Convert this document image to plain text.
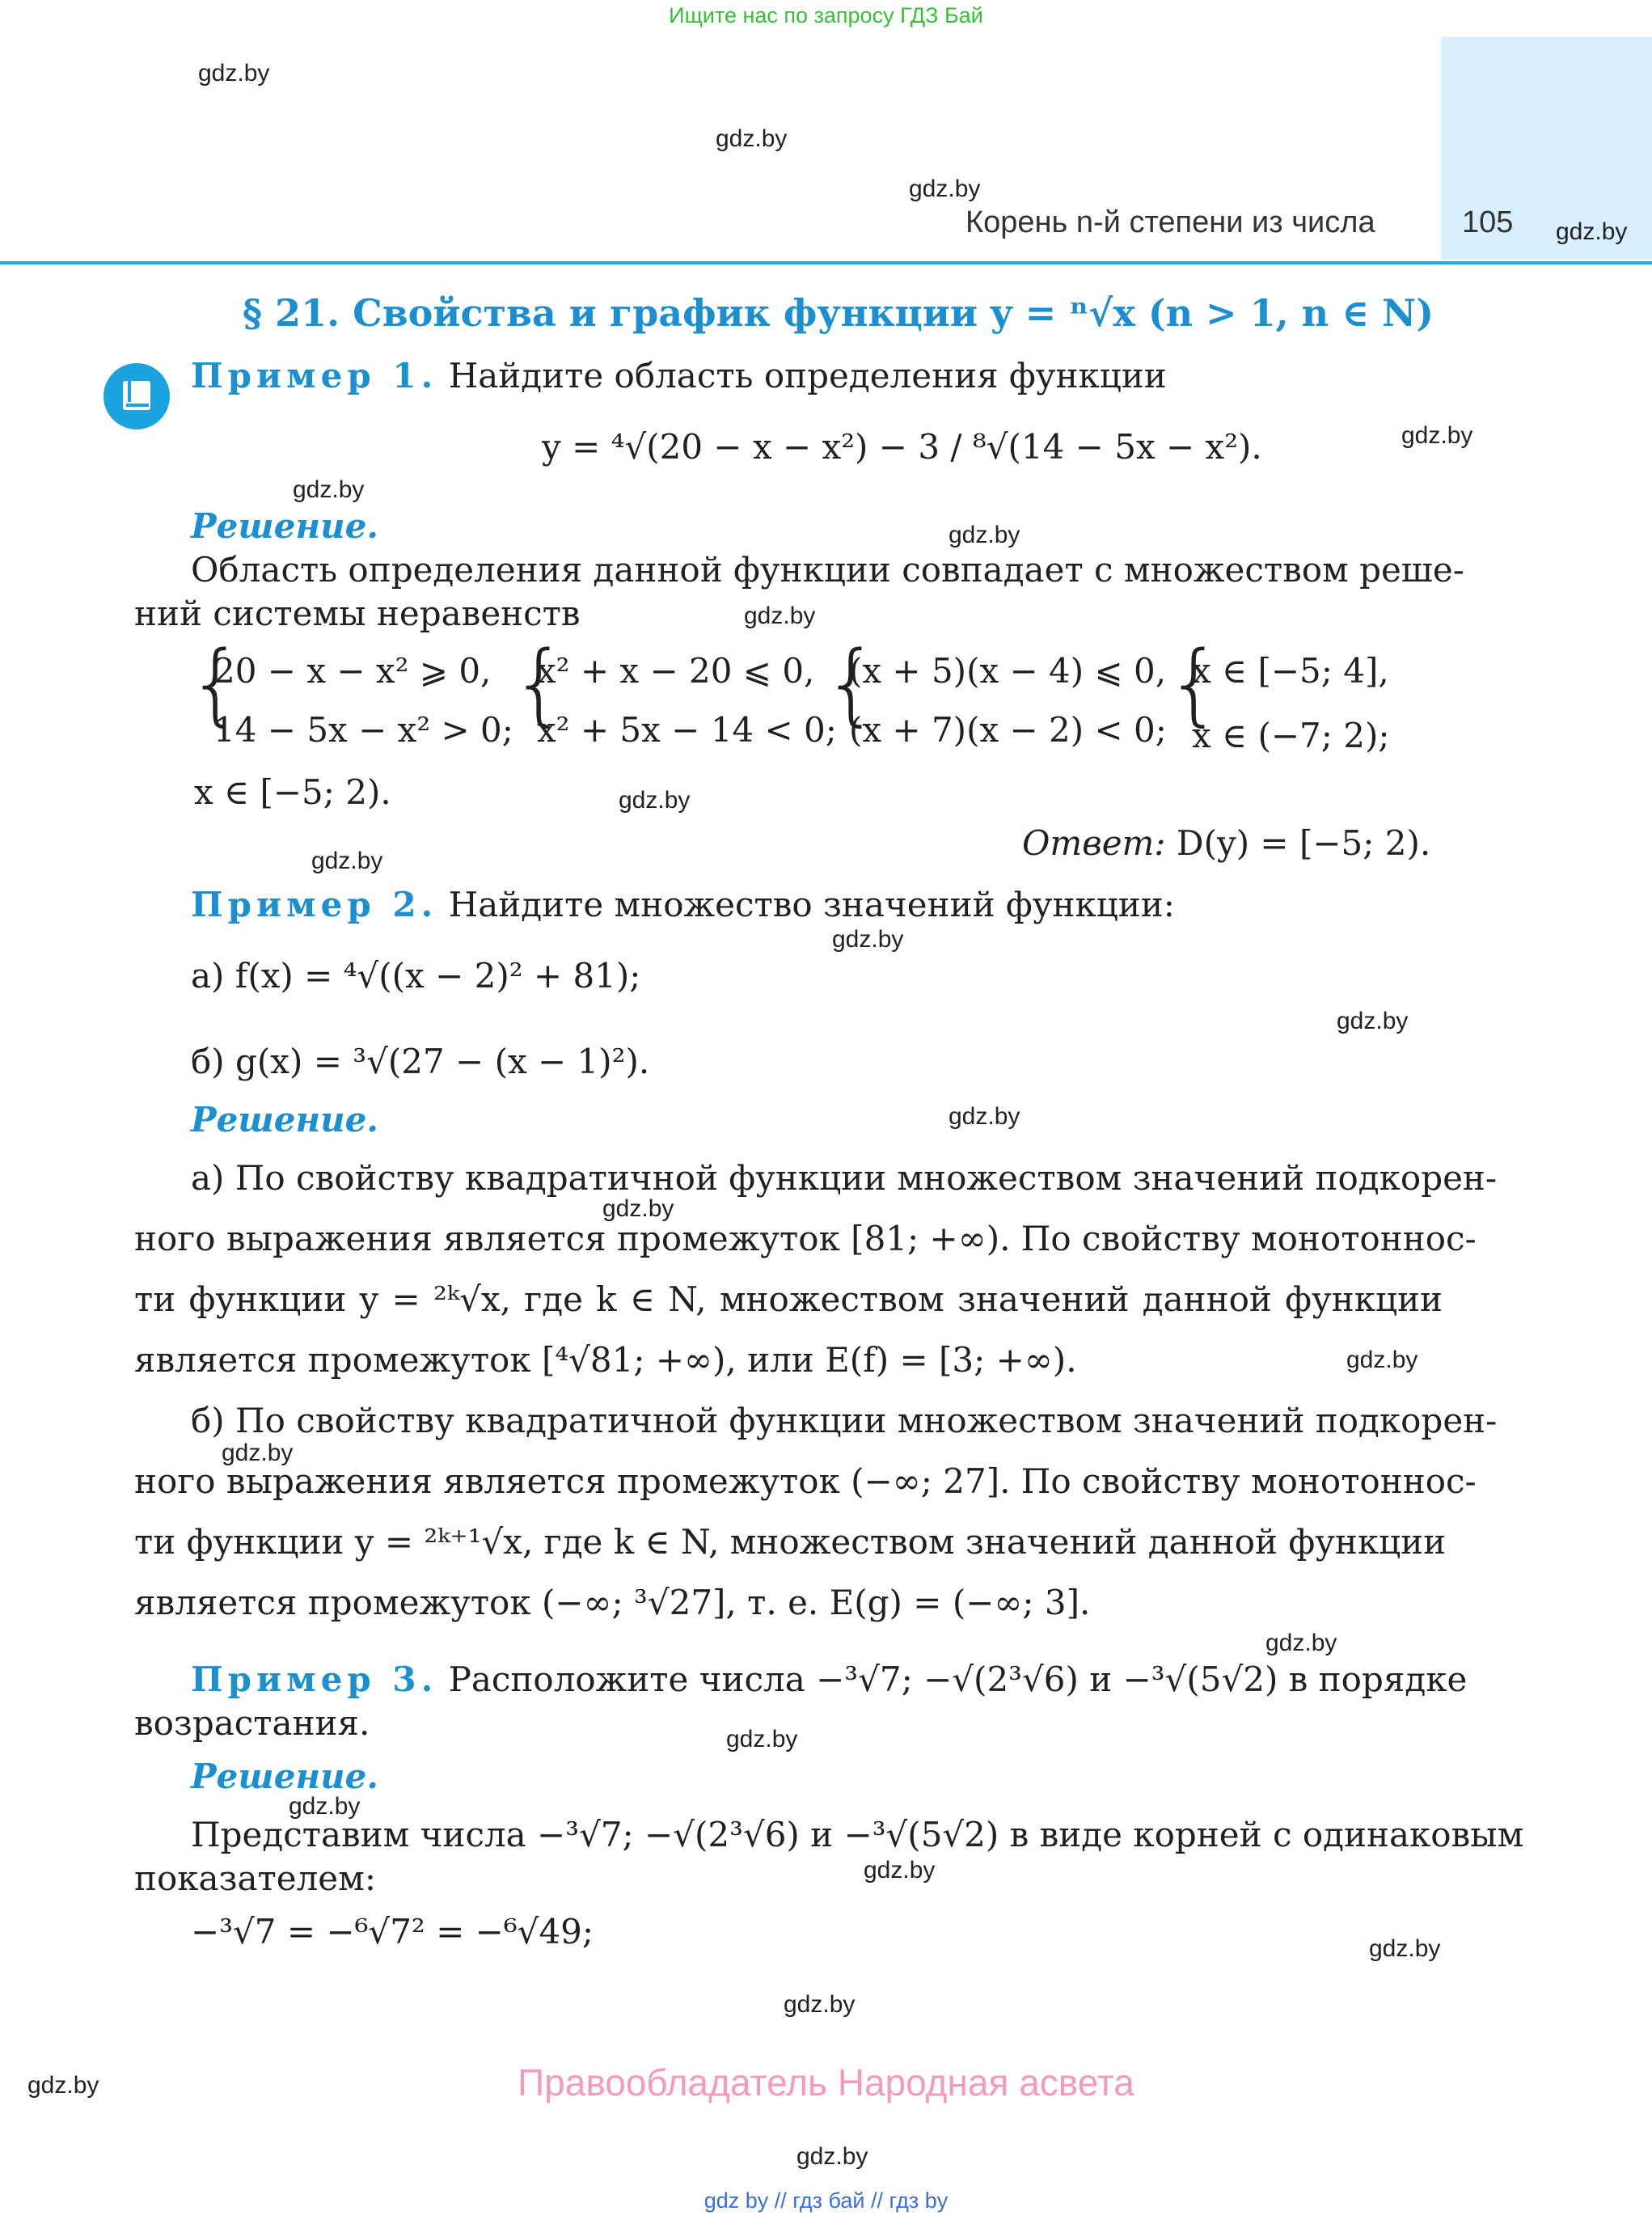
Ищите нас по запросу ГДЗ Бай
Корень n-й степени из числа	105
gdz.by
gdz.by
gdz.by
gdz.by
gdz.by
gdz.by
gdz.by
gdz.by
gdz.by
gdz.by
gdz.by
gdz.by
gdz.by
gdz.by
gdz.by
gdz.by
gdz.by
gdz.by
gdz.by
gdz.by
gdz.by
gdz.by
gdz.by
gdz.by
§ 21. Свойства и график функции y = ⁿ√x (n > 1, n ∈ N)
Пример 1. Найдите область определения функции
y = ⁴√(20 − x − x²) − 3 / ⁸√(14 − 5x − x²).
Решение.
Область определения данной функции совпадает с множеством реше-
ний системы неравенств
{
20 − x − x² ⩾ 0,
14 − 5x − x² > 0;
{
x² + x − 20 ⩽ 0,
x² + 5x − 14 < 0;
{
(x + 5)(x − 4) ⩽ 0,
(x + 7)(x − 2) < 0; {
x ∈ [−5; 4],
x ∈ (−7; 2);
x ∈ [−5; 2).
Ответ: D(y) = [−5; 2).
Пример 2. Найдите множество значений функции:
а) f(x) = ⁴√((x − 2)² + 81);
б) g(x) = ³√(27 − (x − 1)²).
Решение.
а) По свойству квадратичной функции множеством значений подкорен-
ного выражения является промежуток [81; +∞). По свойству монотоннос-
ти функции y = ²ᵏ√x, где k ∈ N, множеством значений данной функции
является промежуток [⁴√81; +∞), или E(f) = [3; +∞).
б) По свойству квадратичной функции множеством значений подкорен-
ного выражения является промежуток (−∞; 27]. По свойству монотоннос-
ти функции y = ²ᵏ⁺¹√x, где k ∈ N, множеством значений данной функции
является промежуток (−∞; ³√27], т. е. E(g) = (−∞; 3].
Пример 3. Расположите числа −³√7; −√(2³√6) и −³√(5√2) в порядке
возрастания.
Решение.
Представим числа −³√7; −√(2³√6) и −³√(5√2) в виде корней с одинаковым
показателем:
−³√7 = −⁶√7² = −⁶√49;
Правообладатель Народная асвета
gdz by // гдз бай // гдз by
